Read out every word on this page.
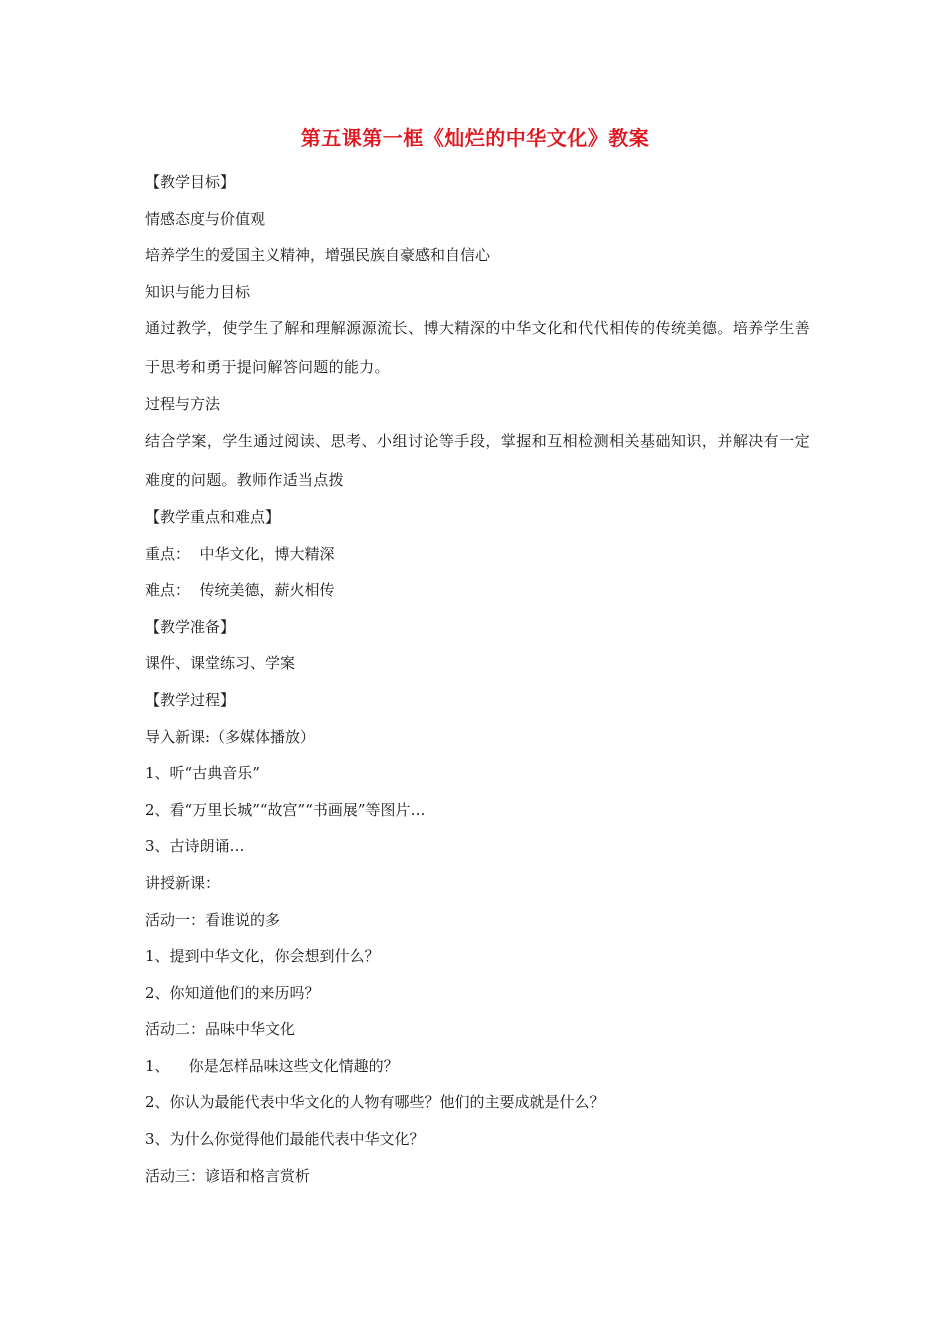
第五课第一框《灿烂的中华文化》教案
【教学目标】
情感态度与价值观
培养学生的爱国主义精神，增强民族自豪感和自信心
知识与能力目标
通过教学，使学生了解和理解源源流长、博大精深的中华文化和代代相传的传统美德。培养学生善于思考和勇于提问解答问题的能力。
过程与方法
结合学案，学生通过阅读、思考、小组讨论等手段，掌握和互相检测相关基础知识，并解决有一定难度的问题。教师作适当点拨
【教学重点和难点】
重点：  中华文化，博大精深
难点：  传统美德，薪火相传
【教学准备】
课件、课堂练习、学案
【教学过程】
导入新课:（多媒体播放）
1、听“古典音乐”
2、看“万里长城”“故宫”“书画展”等图片…
3、古诗朗诵…
讲授新课：
活动一：看谁说的多
1、提到中华文化，你会想到什么？
2、你知道他们的来历吗？
活动二：品味中华文化
1、    你是怎样品味这些文化情趣的？
2、你认为最能代表中华文化的人物有哪些？他们的主要成就是什么？
3、为什么你觉得他们最能代表中华文化？
活动三：谚语和格言赏析
